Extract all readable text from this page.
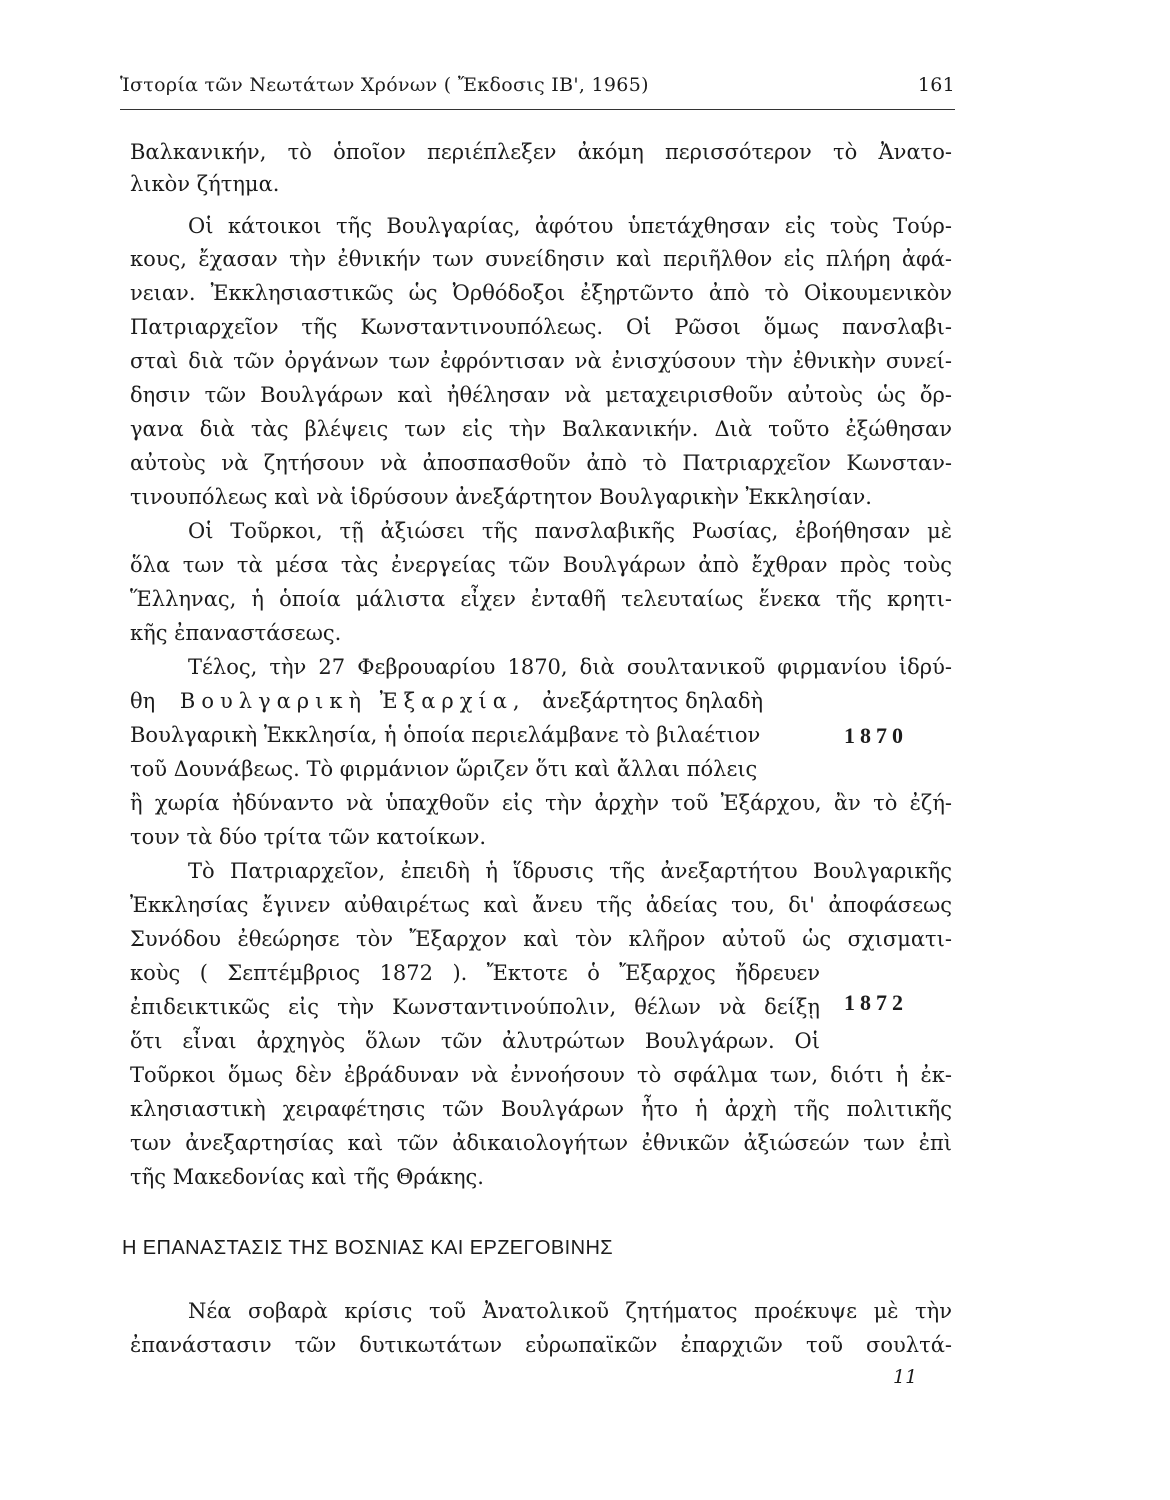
Ἱστορία τῶν Νεωτάτων Χρόνων ( Ἔκδοσις ΙΒ', 1965)	161
Βαλκανικήν, τὸ ὁποῖον περιέπλεξεν ἀκόμη περισσότερον τὸ Ἀνατο-
λικὸν ζήτημα.
Οἱ κάτοικοι τῆς Βουλγαρίας, ἀφότου ὑπετάχθησαν εἰς τοὺς Τούρ-
κους, ἔχασαν τὴν ἐθνικήν των συνείδησιν καὶ περιῆλθον εἰς πλήρη ἀφά-
νειαν. Ἐκκλησιαστικῶς ὡς Ὀρθόδοξοι ἐξηρτῶντο ἀπὸ τὸ Οἰκουμενικὸν
Πατριαρχεῖον τῆς Κωνσταντινουπόλεως. Οἱ Ρῶσοι ὅμως πανσλαβι-
σταὶ διὰ τῶν ὀργάνων των ἐφρόντισαν νὰ ἐνισχύσουν τὴν ἐθνικὴν συνεί-
δησιν τῶν Βουλγάρων καὶ ἠθέλησαν νὰ μεταχειρισθοῦν αὐτοὺς ὡς ὄρ-
γανα διὰ τὰς βλέψεις των εἰς τὴν Βαλκανικήν. Διὰ τοῦτο ἐξώθησαν
αὐτοὺς νὰ ζητήσουν νὰ ἀποσπασθοῦν ἀπὸ τὸ Πατριαρχεῖον Κωνσταν-
τινουπόλεως καὶ νὰ ἱδρύσουν ἀνεξάρτητον Βουλγαρικὴν Ἐκκλησίαν.
Οἱ Τοῦρκοι, τῇ ἀξιώσει τῆς πανσλαβικῆς Ρωσίας, ἐβοήθησαν μὲ
ὅλα των τὰ μέσα τὰς ἐνεργείας τῶν Βουλγάρων ἀπὸ ἔχθραν πρὸς τοὺς
Ἕλληνας, ἡ ὁποία μάλιστα εἶχεν ἐνταθῆ τελευταίως ἕνεκα τῆς κρητι-
κῆς ἐπαναστάσεως.
Τέλος, τὴν 27 Φεβρουαρίου 1870, διὰ σουλτανικοῦ φιρμανίου ἱδρύ-
θη Βουλγαρικὴ Ἐξαρχία, ἀνεξάρτητος δηλαδὴ
Βουλγαρικὴ Ἐκκλησία, ἡ ὁποία περιελάμβανε τὸ βιλαέτιον
τοῦ Δουνάβεως. Τὸ φιρμάνιον ὥριζεν ὅτι καὶ ἄλλαι πόλεις
ἢ χωρία ἠδύναντο νὰ ὑπαχθοῦν εἰς τὴν ἀρχὴν τοῦ Ἐξάρχου, ἂν τὸ ἐζή-
τουν τὰ δύο τρίτα τῶν κατοίκων.
Τὸ Πατριαρχεῖον, ἐπειδὴ ἡ ἵδρυσις τῆς ἀνεξαρτήτου Βουλγαρικῆς
Ἐκκλησίας ἔγινεν αὐθαιρέτως καὶ ἄνευ τῆς ἀδείας του, δι' ἀποφάσεως
Συνόδου ἐθεώρησε τὸν Ἔξαρχον καὶ τὸν κλῆρον αὐτοῦ ὡς σχισματι-
κοὺς ( Σεπτέμβριος 1872 ). Ἔκτοτε ὁ Ἔξαρχος ἤδρευεν
ἐπιδεικτικῶς εἰς τὴν Κωνσταντινούπολιν, θέλων νὰ δείξῃ
ὅτι εἶναι ἀρχηγὸς ὅλων τῶν ἀλυτρώτων Βουλγάρων. Οἱ
Τοῦρκοι ὅμως δὲν ἐβράδυναν νὰ ἐννοήσουν τὸ σφάλμα των, διότι ἡ ἐκ-
κλησιαστικὴ χειραφέτησις τῶν Βουλγάρων ἦτο ἡ ἀρχὴ τῆς πολιτικῆς
των ἀνεξαρτησίας καὶ τῶν ἀδικαιολογήτων ἐθνικῶν ἀξιώσεών των ἐπὶ
τῆς Μακεδονίας καὶ τῆς Θράκης.
1870
1872
Η ΕΠΑΝΑΣΤΑΣΙΣ ΤΗΣ ΒΟΣΝΙΑΣ ΚΑΙ ΕΡΖΕΓΟΒΙΝΗΣ
Νέα σοβαρὰ κρίσις τοῦ Ἀνατολικοῦ ζητήματος προέκυψε μὲ τὴν
ἐπανάστασιν τῶν δυτικωτάτων εὐρωπαϊκῶν ἐπαρχιῶν τοῦ σουλτά-
11
